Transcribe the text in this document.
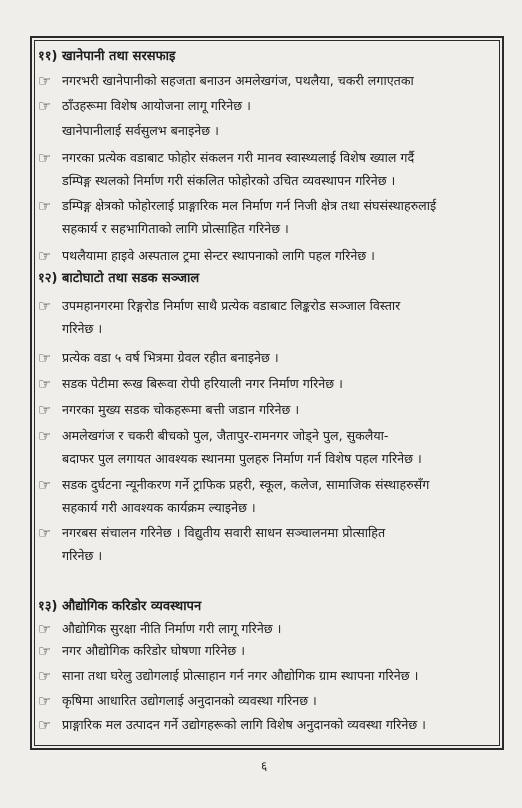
११) खानेपानी तथा सरसफाइ
☞ नगरभरी खानेपानीको सहजता बनाउन अमलेखगंज, पथलैया, चकरी लगाएतका
☞ ठाँउहरूमा विशेष आयोजना लागू गरिनेछ ।
खानेपानीलाई सर्वसुलभ बनाइनेछ ।
☞ नगरका प्रत्येक वडाबाट फोहोर संकलन गरी मानव स्वास्थ्यलाई विशेष ख्याल गर्दै
डम्पिङ्ग स्थलको निर्माण गरी संकलित फोहोरको उचित व्यवस्थापन गरिनेछ ।
☞ डम्पिङ्ग क्षेत्रको फोहोरलाई प्राङ्गारिक मल निर्माण गर्न निजी क्षेत्र तथा संघसंस्थाहरुलाई
सहकार्य र सहभागिताको लागि प्रोत्साहित गरिनेछ ।
☞ पथलैयामा हाइवे अस्पताल ट्रमा सेन्टर स्थापनाको लागि पहल गरिनेछ ।
१२) बाटोघाटो तथा सडक सञ्जाल
☞ उपमहानगरमा रिङ्गरोड निर्माण साथै प्रत्येक वडाबाट लिङ्करोड सञ्जाल विस्तार
गरिनेछ ।
☞ प्रत्येक वडा ५ वर्ष भित्रमा ग्रेवल रहीत बनाइनेछ ।
☞ सडक पेटीमा रूख बिरूवा रोपी हरियाली नगर निर्माण गरिनेछ ।
☞ नगरका मुख्य सडक चोकहरूमा बत्ती जडान गरिनेछ ।
☞ अमलेखगंज र चकरी बीचको पुल, जैतापुर-रामनगर जोड्ने पुल, सुकलैया-
बदाफर पुल लगायत आवश्यक स्थानमा पुलहरु निर्माण गर्न विशेष पहल गरिनेछ ।
☞ सडक दुर्घटना न्यूनीकरण गर्ने ट्राफिक प्रहरी, स्कूल, कलेज, सामाजिक संस्थाहरुसँग
सहकार्य गरी आवश्यक कार्यक्रम ल्याइनेछ ।
☞ नगरबस संचालन गरिनेछ । विद्युतीय सवारी साधन सञ्चालनमा प्रोत्साहित
गरिनेछ ।
१३) औद्योगिक करिडोर व्यवस्थापन
☞ औद्योगिक सुरक्षा नीति निर्माण गरी लागू गरिनेछ ।
☞ नगर औद्योगिक करिडोर घोषणा गरिनेछ ।
☞ साना तथा घरेलु उद्योगलाई प्रोत्साहान गर्न नगर औद्योगिक ग्राम स्थापना गरिनेछ ।
☞ कृषिमा आधारित उद्योगलाई अनुदानको व्यवस्था गरिनछ ।
☞ प्राङ्गारिक मल उत्पादन गर्ने उद्योगहरूको लागि विशेष अनुदानको व्यवस्था गरिनेछ ।
६
